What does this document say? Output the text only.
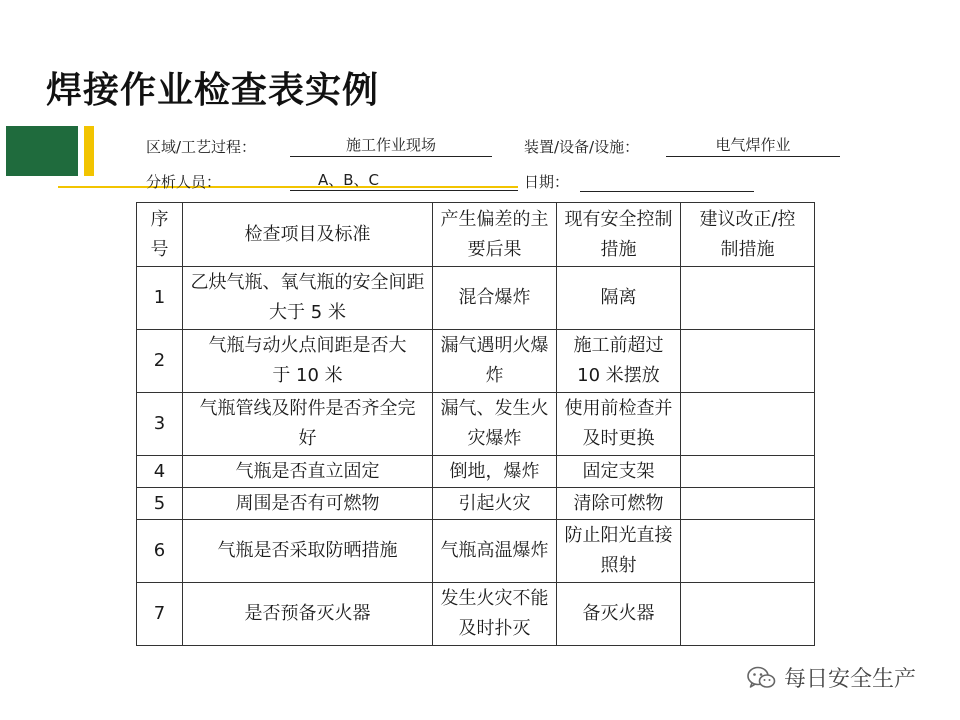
焊接作业检查表实例
区域/工艺过程：	施工作业现场	装置/设备/设施：	电气焊作业
分析人员：	A、B、C	日期：
序号	检查项目及标准	产生偏差的主要后果	现有安全控制措施	建议改正/控制措施
1	乙炔气瓶、氧气瓶的安全间距大于 5 米	混合爆炸	隔离	
2	气瓶与动火点间距是否大于 10 米	漏气遇明火爆炸	施工前超过 10 米摆放	
3	气瓶管线及附件是否齐全完好	漏气、发生火灾爆炸	使用前检查并及时更换	
4	气瓶是否直立固定	倒地，爆炸	固定支架	
5	周围是否有可燃物	引起火灾	清除可燃物	
6	气瓶是否采取防晒措施	气瓶高温爆炸	防止阳光直接照射	
7	是否预备灭火器	发生火灾不能及时扑灭	备灭火器	
每日安全生产
